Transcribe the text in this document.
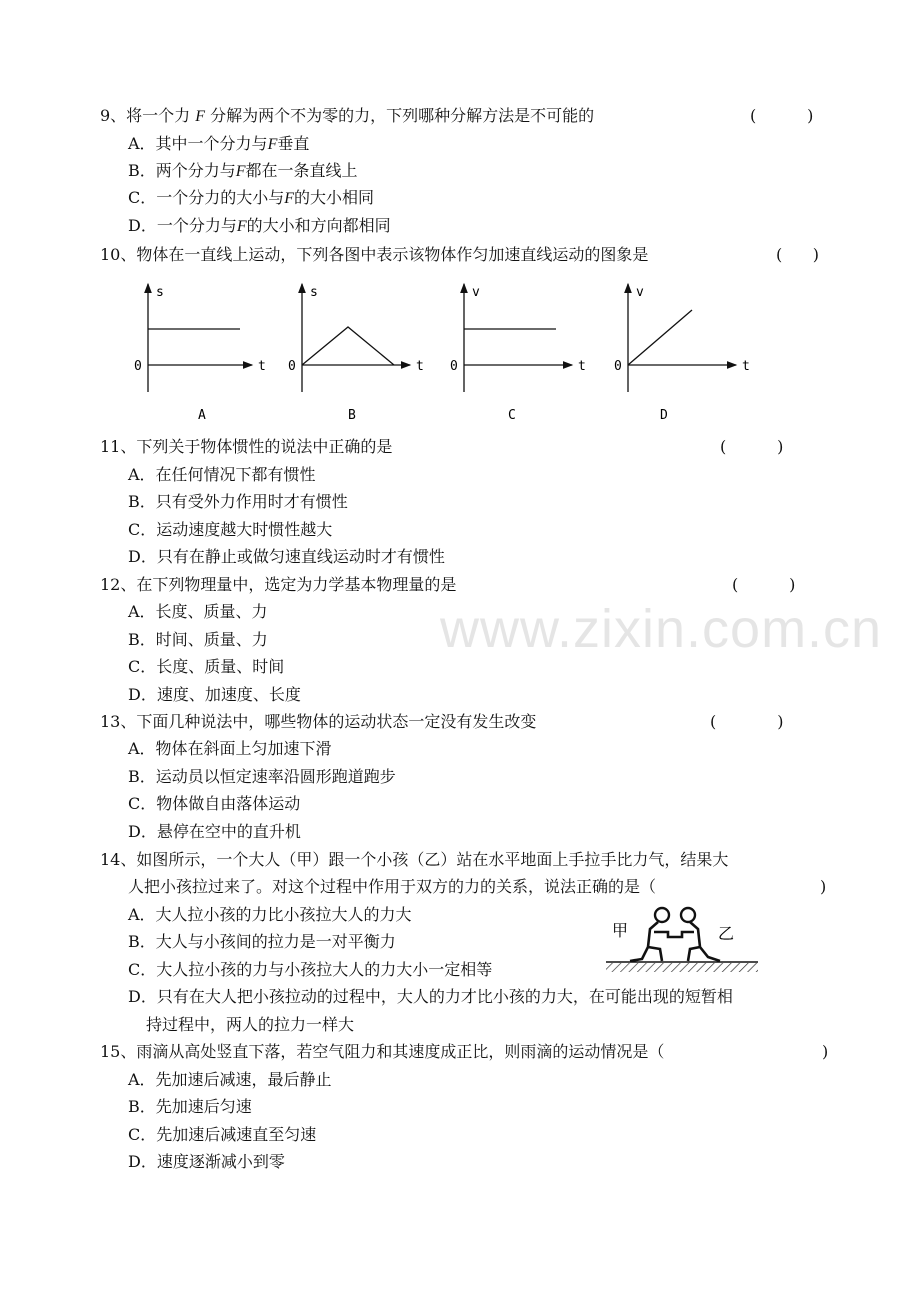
www.zixin.com.cn
9、将一个力 F 分解为两个不为零的力，下列哪种分解方法是不可能的	(          )
A．其中一个分力与F垂直
B．两个分力与F都在一条直线上
C．一个分力的大小与F的大小相同
D．一个分力与F的大小和方向都相同
10、物体在一直线上运动，下列各图中表示该物体作匀加速直线运动的图象是	(      )
s
t
0
A
s
t
0
B
v
t
0
C
v
t
0
D
11、下列关于物体惯性的说法中正确的是	(          )
A．在任何情况下都有惯性
B．只有受外力作用时才有惯性
C．运动速度越大时惯性越大
D．只有在静止或做匀速直线运动时才有惯性
12、在下列物理量中，选定为力学基本物理量的是	(          )
A．长度、质量、力
B．时间、质量、力
C．长度、质量、时间
D．速度、加速度、长度
13、下面几种说法中，哪些物体的运动状态一定没有发生改变	(            )
A．物体在斜面上匀加速下滑
B．运动员以恒定速率沿圆形跑道跑步
C．物体做自由落体运动
D．悬停在空中的直升机
14、如图所示，一个大人（甲）跟一个小孩（乙）站在水平地面上手拉手比力气，结果大
人把小孩拉过来了。对这个过程中作用于双方的力的关系，说法正确的是（	)
A．大人拉小孩的力比小孩拉大人的力大
B．大人与小孩间的拉力是一对平衡力
C．大人拉小孩的力与小孩拉大人的力大小一定相等
D．只有在大人把小孩拉动的过程中，大人的力才比小孩的力大，在可能出现的短暂相
持过程中，两人的拉力一样大
甲	乙
15、雨滴从高处竖直下落，若空气阻力和其速度成正比，则雨滴的运动情况是（	)
A．先加速后减速，最后静止
B．先加速后匀速
C．先加速后减速直至匀速
D．速度逐渐减小到零
